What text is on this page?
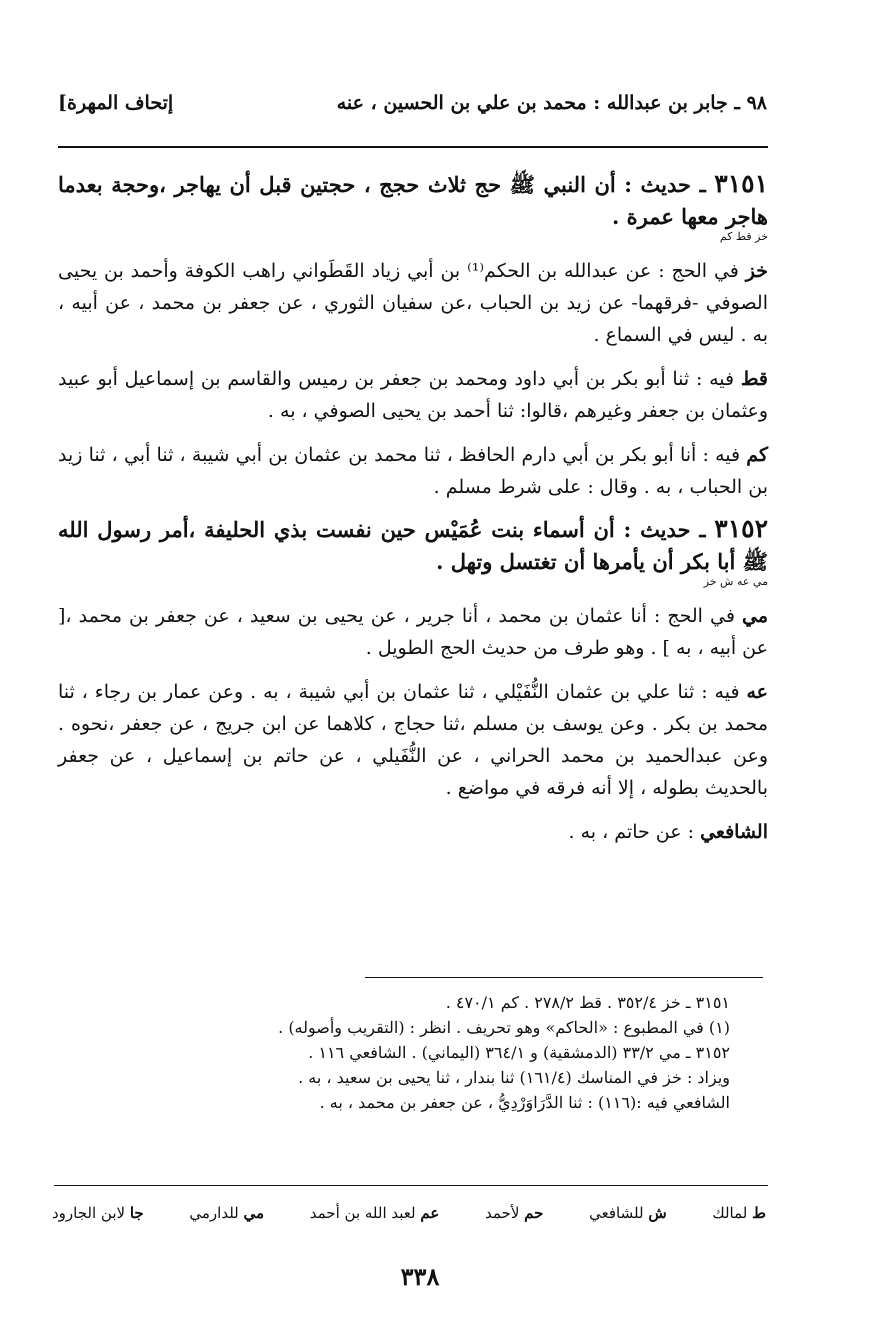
[إتحاف المهرة	٩٨ ـ جابر بن عبدالله : محمد بن علي بن الحسين ، عنه

٣١٥١ ـ حديث : أن النبي ﷺ حج ثلاث حجج ، حجتين قبل أن يهاجر ،وحجة بعدما هاجر معها عمرة .

خز قط كم

خز في الحج : عن عبدالله بن الحكم⁽¹⁾ بن أبي زياد القَطَواني راهب الكوفة وأحمد بن يحيى الصوفي -فرقهما- عن زيد بن الحباب ،عن سفيان الثوري ، عن جعفر بن محمد ، عن أبيه ، به . ليس في السماع .

قط فيه : ثنا أبو بكر بن أبي داود ومحمد بن جعفر بن رميس والقاسم بن إسماعيل أبو عبيد وعثمان بن جعفر وغيرهم ،قالوا: ثنا أحمد بن يحيى الصوفي ، به .

كم فيه : أنا أبو بكر بن أبي دارم الحافظ ، ثنا محمد بن عثمان بن أبي شيبة ، ثنا أبي ، ثنا زيد بن الحباب ، به . وقال : على شرط مسلم .

٣١٥٢ ـ حديث : أن أسماء بنت عُمَيْس حين نفست بذي الحليفة ،أمر رسول الله ﷺ أبا بكر أن يأمرها أن تغتسل وتهل .

مي عه ش خز

مي في الحج : أنا عثمان بن محمد ، أنا جرير ، عن يحيى بن سعيد ، عن جعفر بن محمد ،[ عن أبيه ، به ] . وهو طرف من حديث الحج الطويل .

عه فيه : ثنا علي بن عثمان النُّفَيْلي ، ثنا عثمان بن أبي شيبة ، به . وعن عمار بن رجاء ، ثنا محمد بن بكر . وعن يوسف بن مسلم ،ثنا حجاج ، كلاهما عن ابن جريج ، عن جعفر ،نحوه . وعن عبدالحميد بن محمد الحراني ، عن النُّفَيلي ، عن حاتم بن إسماعيل ، عن جعفر بالحديث بطوله ، إلا أنه فرقه في مواضع .

الشافعي : عن حاتم ، به .

٣١٥١ ـ خز ٣٥٢/٤ . قط ٢٧٨/٢ . كم ٤٧٠/١ .
(١) في المطبوع : «الحاكم» وهو تحريف . انظر : (التقريب وأصوله) .
٣١٥٢ ـ مي ٣٣/٢ (الدمشقية) و ٣٦٤/١ (اليماني) . الشافعي ١١٦ .
ويزاد : خز في المناسك (١٦١/٤) ثنا بندار ، ثنا يحيى بن سعيد ، به .
الشافعي فيه :(١١٦) : ثنا الدَّرَاوَرْدِيُّ ، عن جعفر بن محمد ، به .
ط لمالك
ش للشافعي
حم لأحمد
عم لعبد الله بن أحمد
مي للدارمي
جا لابن الجارود
٣٣٨
